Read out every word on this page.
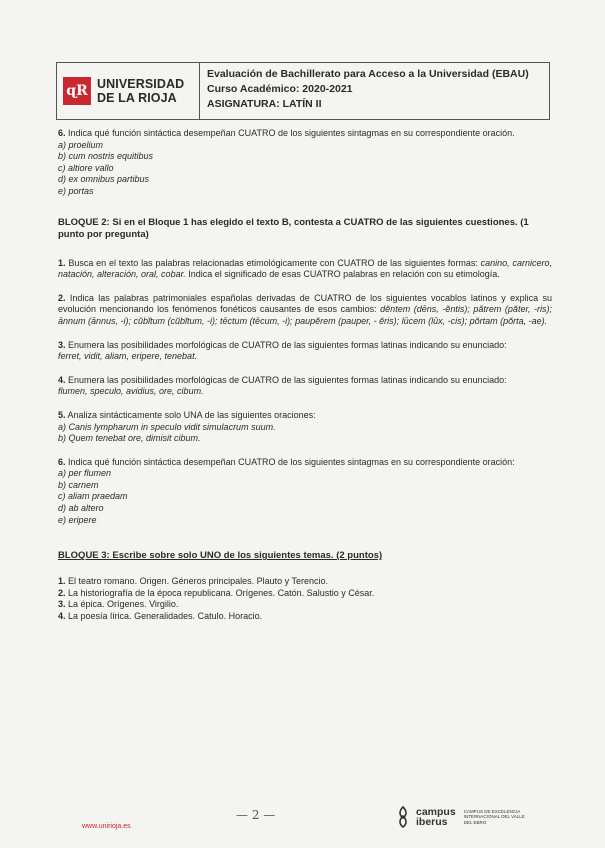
ɋR UNIVERSIDAD
DE LA RIOJA
Evaluación de Bachillerato para Acceso a la Universidad (EBAU)
Curso Académico: 2020-2021
ASIGNATURA: LATÍN II

6. Indica qué función sintáctica desempeñan CUATRO de los siguientes sintagmas en su correspondiente oración.

a) proelium

b) cum nostris equitibus

c) altiore vallo

d) ex omnibus partibus

e) portas

BLOQUE 2: Si en el Bloque 1 has elegido el texto B, contesta a CUATRO de las siguientes cuestiones. (1 punto por pregunta)

1. Busca en el texto las palabras relacionadas etimológicamente con CUATRO de las siguientes formas: canino, carnicero, natación, alteración, oral, cobar. Indica el significado de esas CUATRO palabras en relación con su etimología.

2. Indica las palabras patrimoniales españolas derivadas de CUATRO de los siguientes vocablos latinos y explica su evolución mencionando los fenómenos fonéticos causantes de esos cambios: dĕntem (dēns, -ĕntis); pătrem (păter, -ris); ānnum (ānnus, -i); cŭbĭtum (cŭbĭtum, -i); tēctum (tēcum, -i); paupĕrem (pauper, - ĕris); lūcem (lūx, -cis); pŏrtam (pŏrta, -ae).

3. Enumera las posibilidades morfológicas de CUATRO de las siguientes formas latinas indicando su enunciado:

ferret, vidit, aliam, eripere, tenebat.

4. Enumera las posibilidades morfológicas de CUATRO de las siguientes formas latinas indicando su enunciado:

flumen, speculo, avidius, ore, cibum.

5. Analiza sintácticamente solo UNA de las siguientes oraciones:

a) Canis lympharum in speculo vidit simulacrum suum.

b) Quem tenebat ore, dimisit cibum.

6. Indica qué función sintáctica desempeñan CUATRO de los siguientes sintagmas en su correspondiente oración:

a) per flumen

b) carnem

c) aliam praedam

d) ab altero

e) eripere

BLOQUE 3: Escribe sobre solo UNO de los siguientes temas. (2 puntos)

1. El teatro romano. Origen. Géneros principales. Plauto y Terencio.

2. La historiografía de la época republicana. Orígenes. Catón. Salustio y César.

3. La épica. Orígenes. Virgilio.

4. La poesía lírica. Generalidades. Catulo. Horacio.

— 2 —
www.unirioja.es
campus
iberus
CAMPUS DE EXCELENCIA INTERNACIONAL DEL VALLE DEL EBRO
